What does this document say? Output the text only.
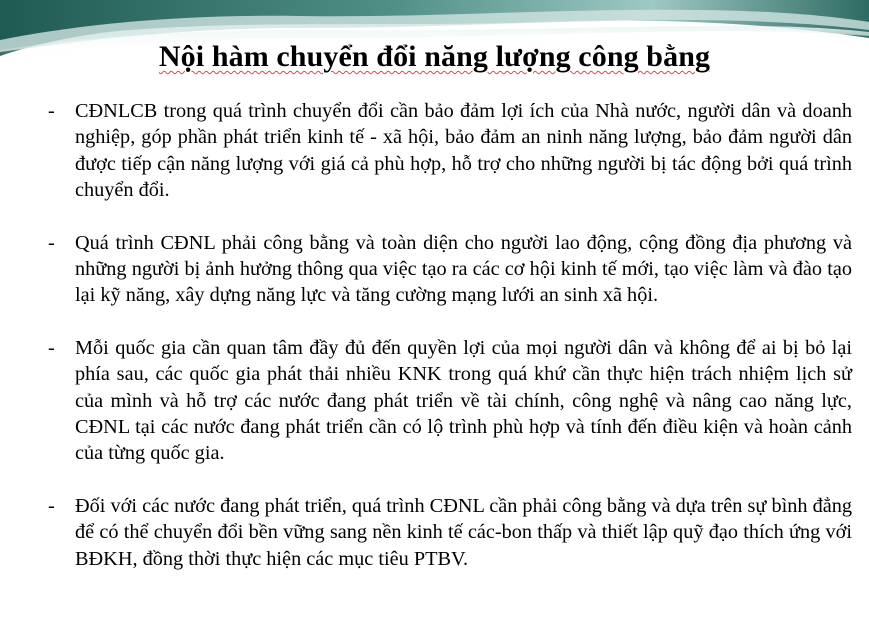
Nội hàm chuyển đổi năng lượng công bằng
- CĐNLCB trong quá trình chuyển đổi cần bảo đảm lợi ích của Nhà nước, người dân và doanh nghiệp, góp phần phát triển kinh tế - xã hội, bảo đảm an ninh năng lượng, bảo đảm người dân được tiếp cận năng lượng với giá cả phù hợp, hỗ trợ cho những người bị tác động bởi quá trình chuyển đổi.
- Quá trình CĐNL phải công bằng và toàn diện cho người lao động, cộng đồng địa phương và những người bị ảnh hưởng thông qua việc tạo ra các cơ hội kinh tế mới, tạo việc làm và đào tạo lại kỹ năng, xây dựng năng lực và tăng cường mạng lưới an sinh xã hội.
- Mỗi quốc gia cần quan tâm đầy đủ đến quyền lợi của mọi người dân và không để ai bị bỏ lại phía sau, các quốc gia phát thải nhiều KNK trong quá khứ cần thực hiện trách nhiệm lịch sử của mình và hỗ trợ các nước đang phát triển về tài chính, công nghệ và nâng cao năng lực, CĐNL tại các nước đang phát triển cần có lộ trình phù hợp và tính đến điều kiện và hoàn cảnh của từng quốc gia.
- Đối với các nước đang phát triển, quá trình CĐNL cần phải công bằng và dựa trên sự bình đẳng để có thể chuyển đổi bền vững sang nền kinh tế các-bon thấp và thiết lập quỹ đạo thích ứng với BĐKH, đồng thời thực hiện các mục tiêu PTBV.
